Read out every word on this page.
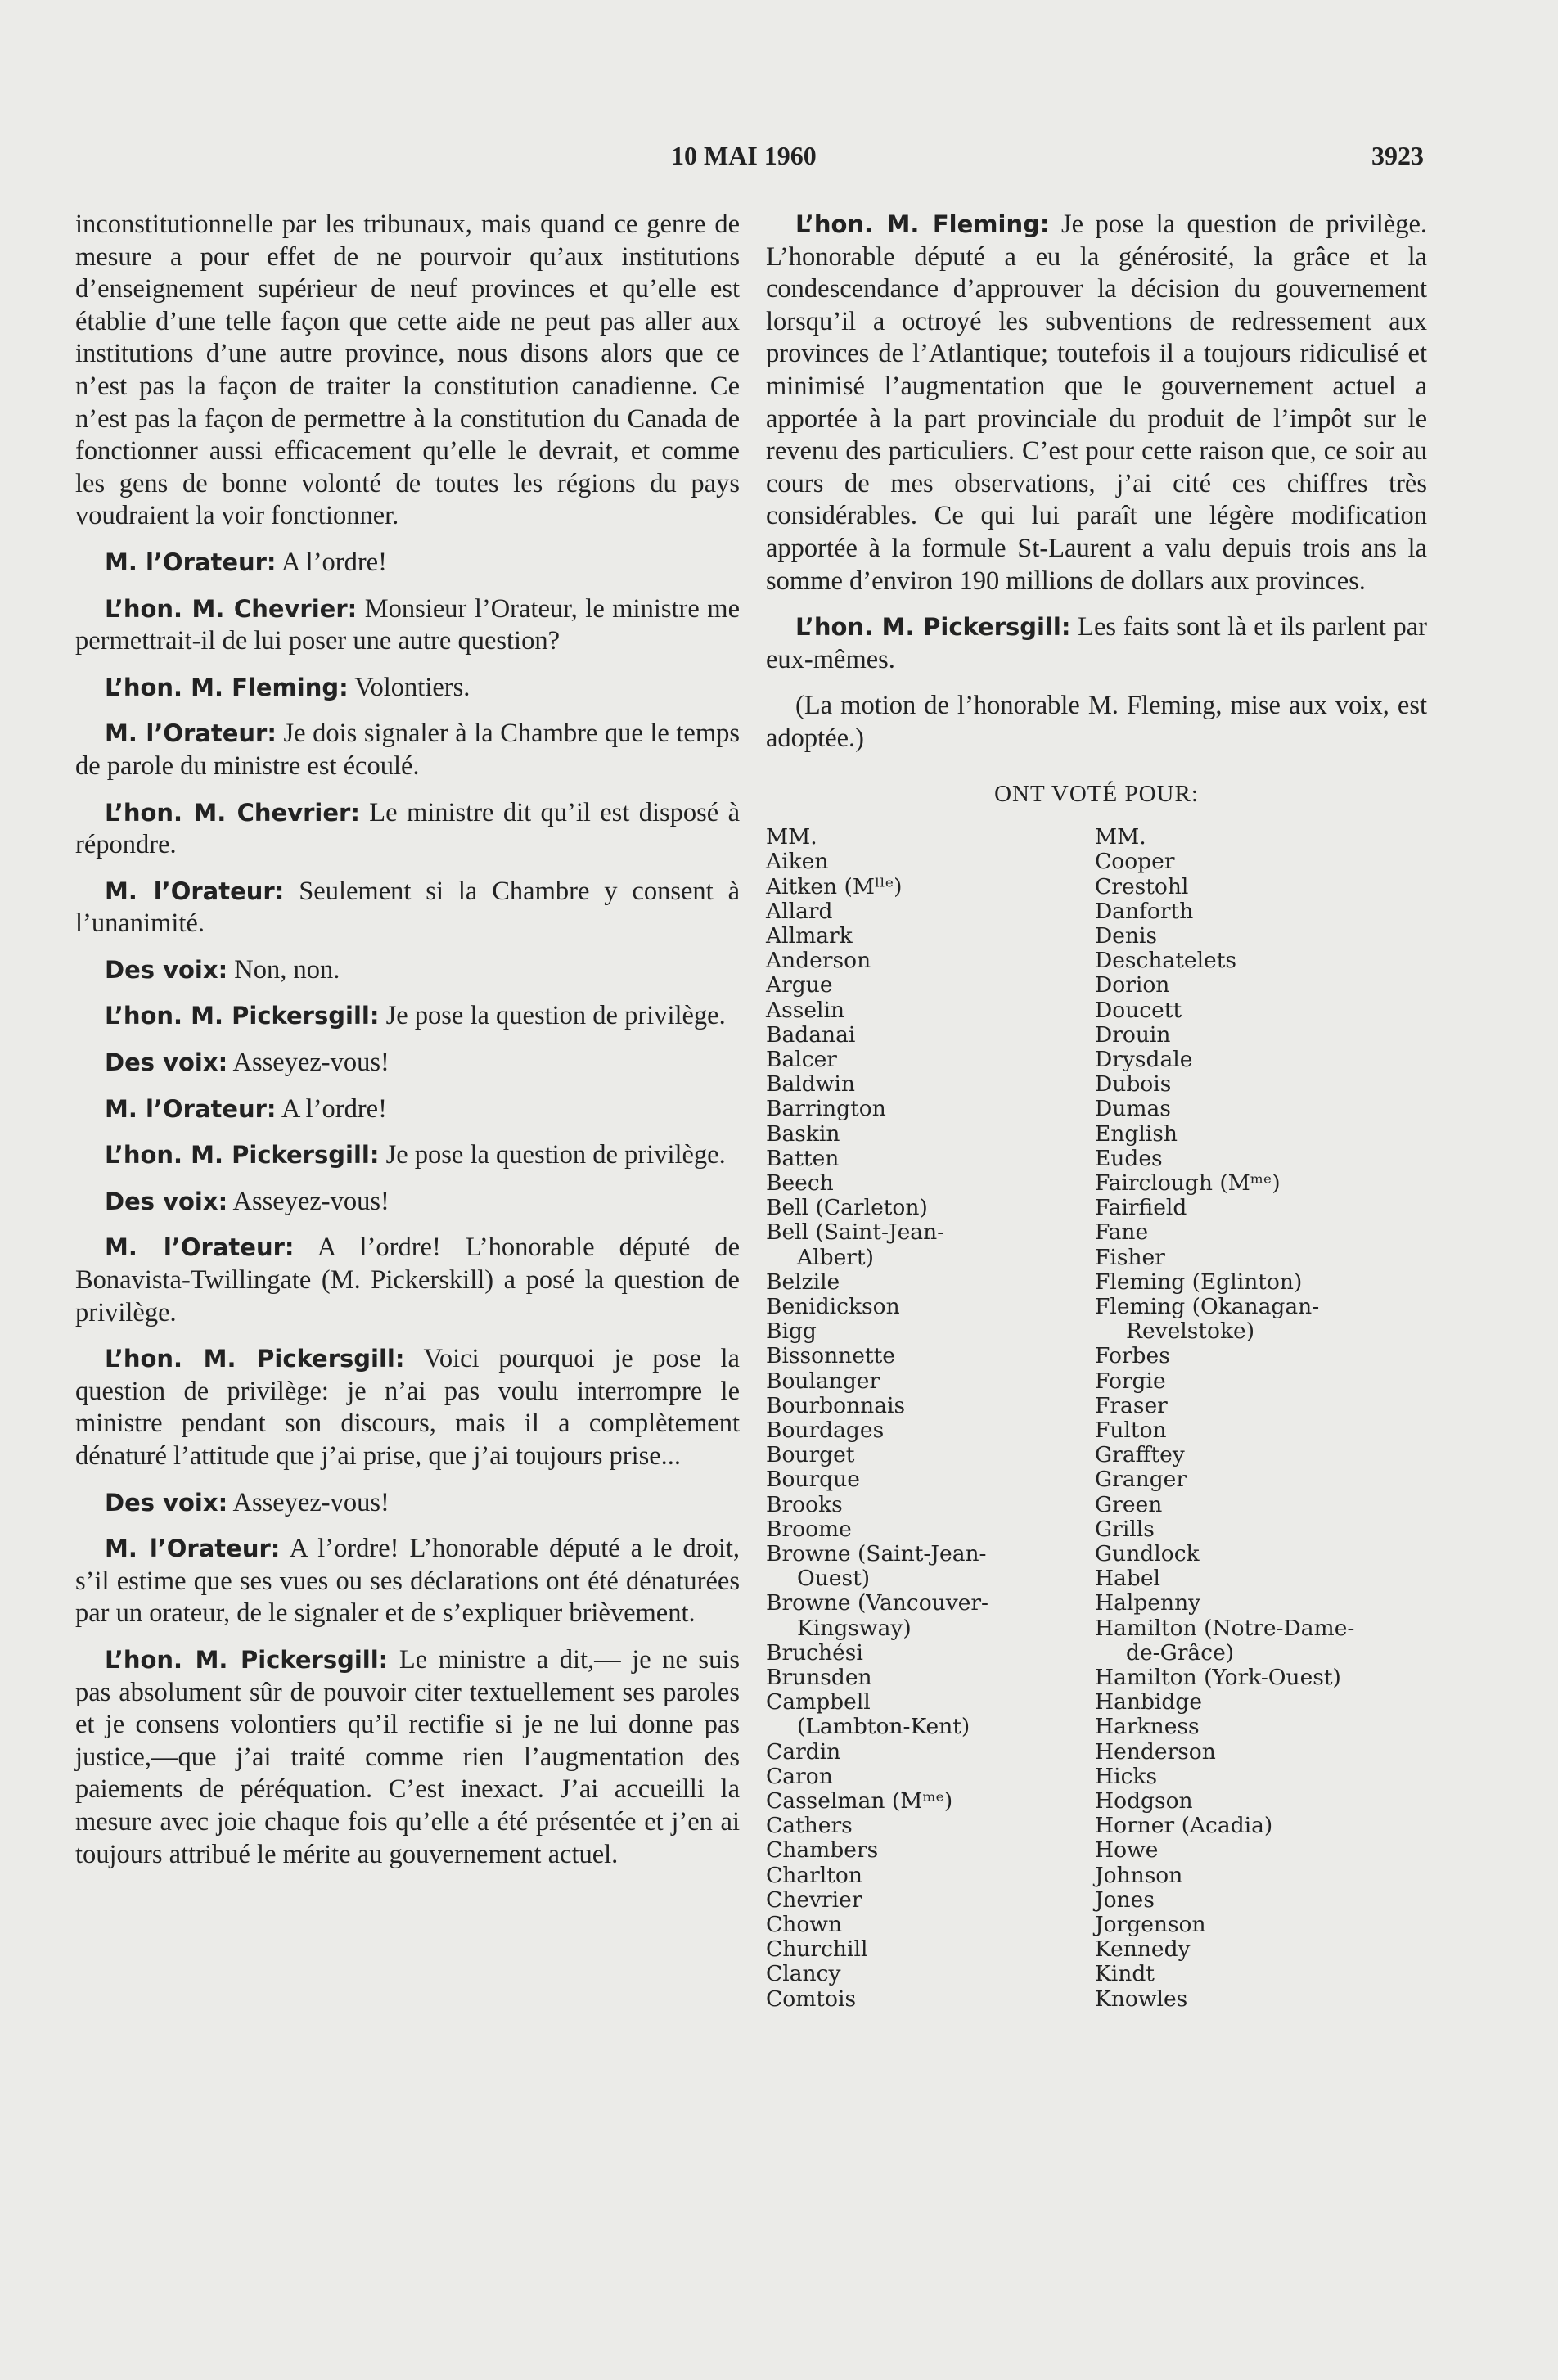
10 MAI 1960	3923

inconstitutionnelle par les tribunaux, mais quand ce genre de mesure a pour effet de ne pourvoir qu’aux institutions d’enseignement supérieur de neuf provinces et qu’elle est établie d’une telle façon que cette aide ne peut pas aller aux institutions d’une autre province, nous disons alors que ce n’est pas la façon de traiter la constitution canadienne. Ce n’est pas la façon de permettre à la constitution du Canada de fonctionner aussi efficacement qu’elle le devrait, et comme les gens de bonne volonté de toutes les régions du pays voudraient la voir fonctionner.

M. l’Orateur: A l’ordre!

L’hon. M. Chevrier: Monsieur l’Orateur, le ministre me permettrait-il de lui poser une autre question?

L’hon. M. Fleming: Volontiers.

M. l’Orateur: Je dois signaler à la Chambre que le temps de parole du ministre est écoulé.

L’hon. M. Chevrier: Le ministre dit qu’il est disposé à répondre.

M. l’Orateur: Seulement si la Chambre y consent à l’unanimité.

Des voix: Non, non.

L’hon. M. Pickersgill: Je pose la question de privilège.

Des voix: Asseyez-vous!

M. l’Orateur: A l’ordre!

L’hon. M. Pickersgill: Je pose la question de privilège.

Des voix: Asseyez-vous!

M. l’Orateur: A l’ordre! L’honorable député de Bonavista-Twillingate (M. Pickerskill) a posé la question de privilège.

L’hon. M. Pickersgill: Voici pourquoi je pose la question de privilège: je n’ai pas voulu interrompre le ministre pendant son discours, mais il a complètement dénaturé l’attitude que j’ai prise, que j’ai toujours prise...

Des voix: Asseyez-vous!

M. l’Orateur: A l’ordre! L’honorable député a le droit, s’il estime que ses vues ou ses déclarations ont été dénaturées par un orateur, de le signaler et de s’expliquer brièvement.

L’hon. M. Pickersgill: Le ministre a dit,— je ne suis pas absolument sûr de pouvoir citer textuellement ses paroles et je consens volontiers qu’il rectifie si je ne lui donne pas justice,—que j’ai traité comme rien l’augmentation des paiements de péréquation. C’est inexact. J’ai accueilli la mesure avec joie chaque fois qu’elle a été présentée et j’en ai toujours attribué le mérite au gouvernement actuel.

L’hon. M. Fleming: Je pose la question de privilège. L’honorable député a eu la générosité, la grâce et la condescendance d’approuver la décision du gouvernement lorsqu’il a octroyé les subventions de redressement aux provinces de l’Atlantique; toutefois il a toujours ridiculisé et minimisé l’augmentation que le gouvernement actuel a apportée à la part provinciale du produit de l’impôt sur le revenu des particuliers. C’est pour cette raison que, ce soir au cours de mes observations, j’ai cité ces chiffres très considérables. Ce qui lui paraît une légère modification apportée à la formule St-Laurent a valu depuis trois ans la somme d’environ 190 millions de dollars aux provinces.

L’hon. M. Pickersgill: Les faits sont là et ils parlent par eux-mêmes.

(La motion de l’honorable M. Fleming, mise aux voix, est adoptée.)

ONT VOTÉ POUR:
MM.
Aiken
Aitken (Mˡˡᵉ)
Allard
Allmark
Anderson
Argue
Asselin
Badanai
Balcer
Baldwin
Barrington
Baskin
Batten
Beech
Bell (Carleton)
Bell (Saint-Jean-
Albert)
Belzile
Benidickson
Bigg
Bissonnette
Boulanger
Bourbonnais
Bourdages
Bourget
Bourque
Brooks
Broome
Browne (Saint-Jean-
Ouest)
Browne (Vancouver-
Kingsway)
Bruchési
Brunsden
Campbell
(Lambton-Kent)
Cardin
Caron
Casselman (Mᵐᵉ)
Cathers
Chambers
Charlton
Chevrier
Chown
Churchill
Clancy
Comtois
MM.
Cooper
Crestohl
Danforth
Denis
Deschatelets
Dorion
Doucett
Drouin
Drysdale
Dubois
Dumas
English
Eudes
Fairclough (Mᵐᵉ)
Fairfield
Fane
Fisher
Fleming (Eglinton)
Fleming (Okanagan-
Revelstoke)
Forbes
Forgie
Fraser
Fulton
Grafftey
Granger
Green
Grills
Gundlock
Habel
Halpenny
Hamilton (Notre-Dame-
de-Grâce)
Hamilton (York-Ouest)
Hanbidge
Harkness
Henderson
Hicks
Hodgson
Horner (Acadia)
Howe
Johnson
Jones
Jorgenson
Kennedy
Kindt
Knowles
